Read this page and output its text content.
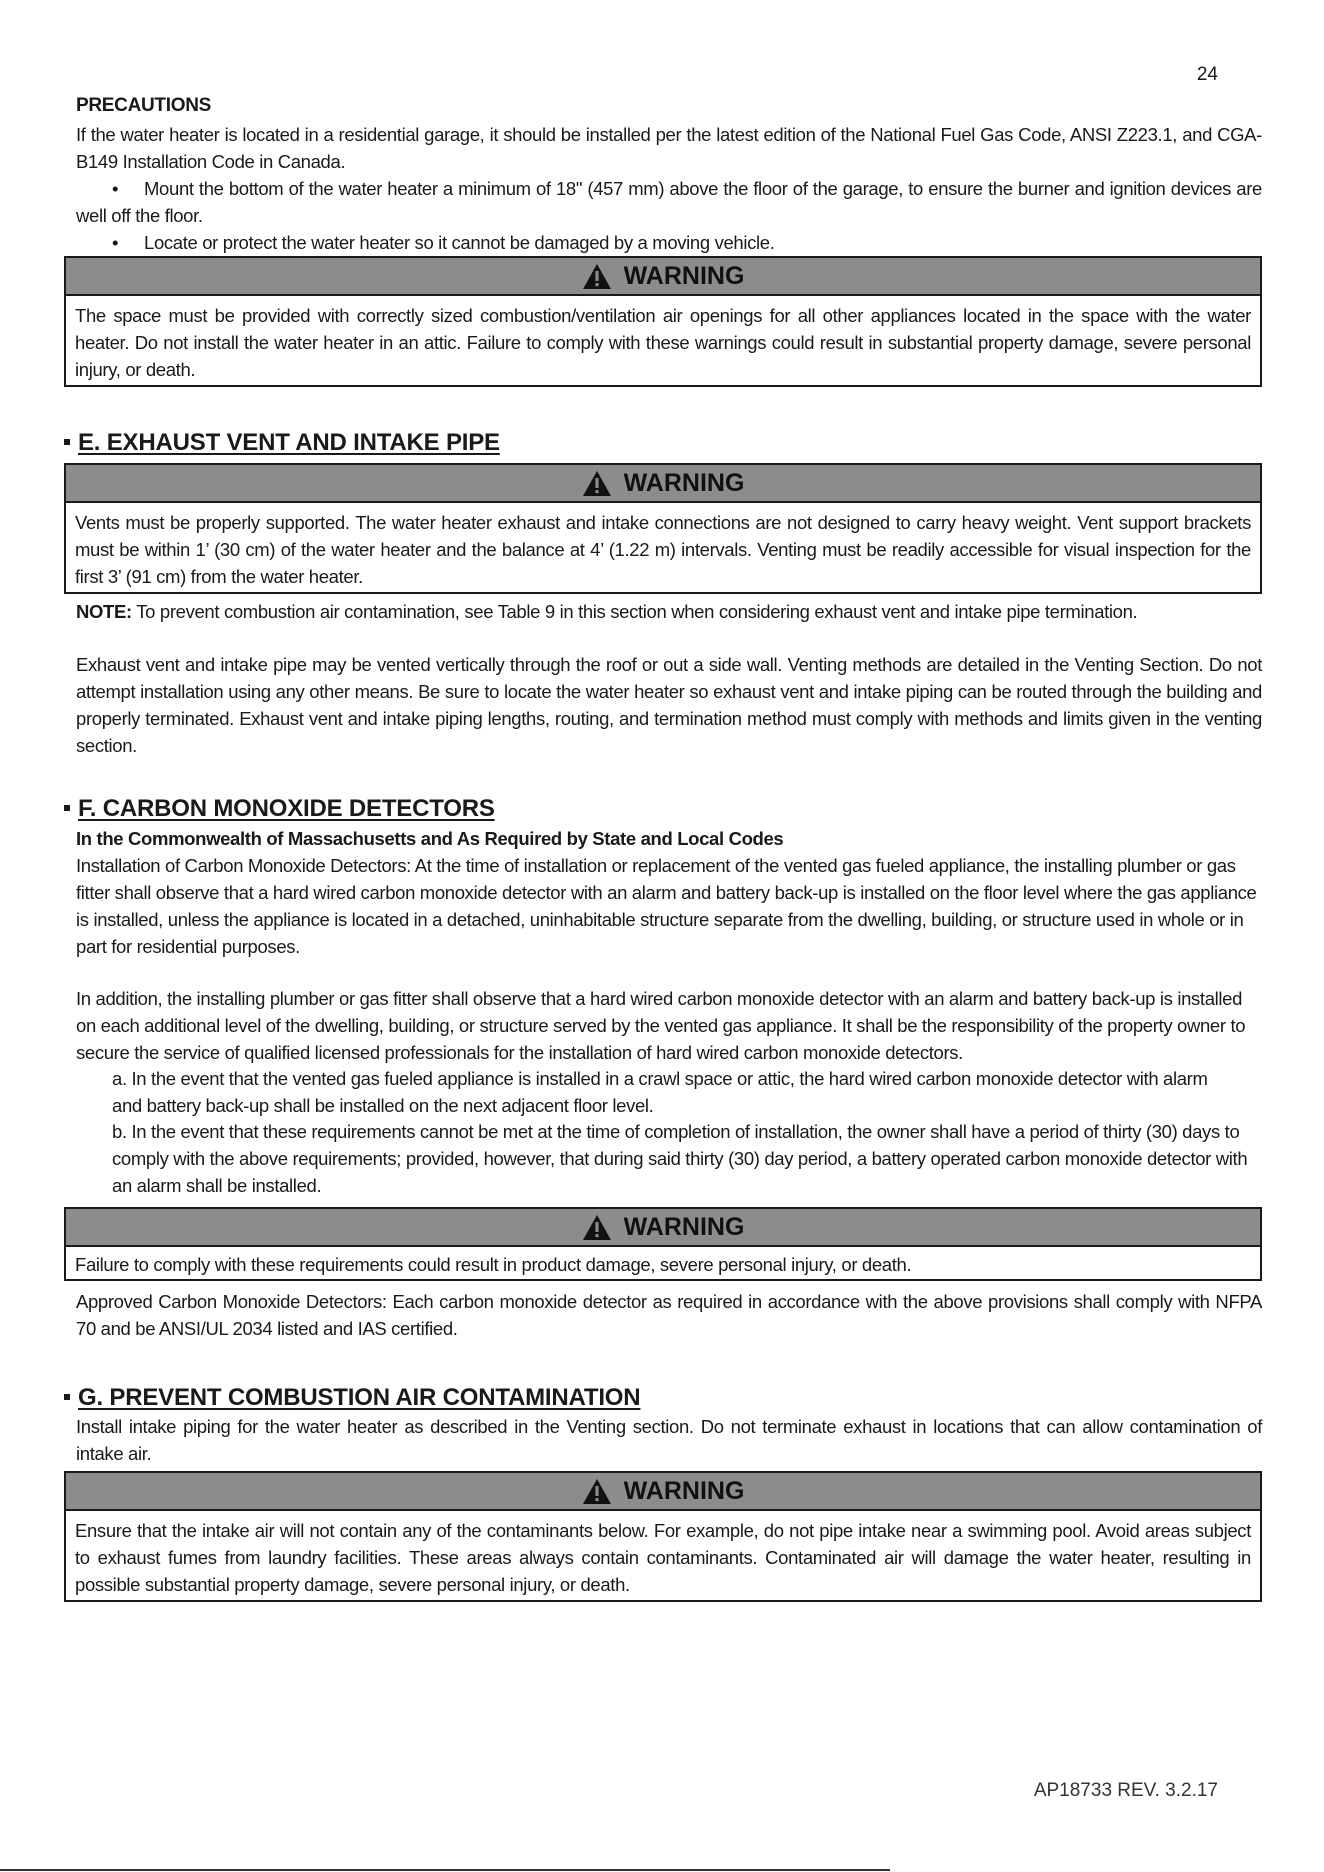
24
PRECAUTIONS
If the water heater is located in a residential garage, it should be installed per the latest edition of the National Fuel Gas Code, ANSI Z223.1, and CGA-B149 Installation Code in Canada.
• Mount the bottom of the water heater a minimum of 18" (457 mm) above the floor of the garage, to ensure the burner and ignition devices are well off the floor.
• Locate or protect the water heater so it cannot be damaged by a moving vehicle.
WARNING
The space must be provided with correctly sized combustion/ventilation air openings for all other appliances located in the space with the water heater. Do not install the water heater in an attic. Failure to comply with these warnings could result in substantial property damage, severe personal injury, or death.
E. EXHAUST VENT AND INTAKE PIPE
WARNING
Vents must be properly supported. The water heater exhaust and intake connections are not designed to carry heavy weight. Vent support brackets must be within 1’ (30 cm) of the water heater and the balance at 4’ (1.22 m) intervals. Venting must be readily accessible for visual inspection for the first 3’ (91 cm) from the water heater.
NOTE: To prevent combustion air contamination, see Table 9 in this section when considering exhaust vent and intake pipe termination.
Exhaust vent and intake pipe may be vented vertically through the roof or out a side wall. Venting methods are detailed in the Venting Section. Do not attempt installation using any other means. Be sure to locate the water heater so exhaust vent and intake piping can be routed through the building and properly terminated. Exhaust vent and intake piping lengths, routing, and termination method must comply with methods and limits given in the venting section.
F. CARBON MONOXIDE DETECTORS
In the Commonwealth of Massachusetts and As Required by State and Local Codes
Installation of Carbon Monoxide Detectors: At the time of installation or replacement of the vented gas fueled appliance, the installing plumber or gas fitter shall observe that a hard wired carbon monoxide detector with an alarm and battery back-up is installed on the floor level where the gas appliance is installed, unless the appliance is located in a detached, uninhabitable structure separate from the dwelling, building, or structure used in whole or in part for residential purposes.
In addition, the installing plumber or gas fitter shall observe that a hard wired carbon monoxide detector with an alarm and battery back-up is installed on each additional level of the dwelling, building, or structure served by the vented gas appliance. It shall be the responsibility of the property owner to secure the service of qualified licensed professionals for the installation of hard wired carbon monoxide detectors.
a. In the event that the vented gas fueled appliance is installed in a crawl space or attic, the hard wired carbon monoxide detector with alarm and battery back-up shall be installed on the next adjacent floor level.
b. In the event that these requirements cannot be met at the time of completion of installation, the owner shall have a period of thirty (30) days to comply with the above requirements; provided, however, that during said thirty (30) day period, a battery operated carbon monoxide detector with an alarm shall be installed.
WARNING
Failure to comply with these requirements could result in product damage, severe personal injury, or death.
Approved Carbon Monoxide Detectors: Each carbon monoxide detector as required in accordance with the above provisions shall comply with NFPA 70 and be ANSI/UL 2034 listed and IAS certified.
G. PREVENT COMBUSTION AIR CONTAMINATION
Install intake piping for the water heater as described in the Venting section. Do not terminate exhaust in locations that can allow contamination of intake air.
WARNING
Ensure that the intake air will not contain any of the contaminants below. For example, do not pipe intake near a swimming pool. Avoid areas subject to exhaust fumes from laundry facilities. These areas always contain contaminants. Contaminated air will damage the water heater, resulting in possible substantial property damage, severe personal injury, or death.
AP18733 REV. 3.2.17
